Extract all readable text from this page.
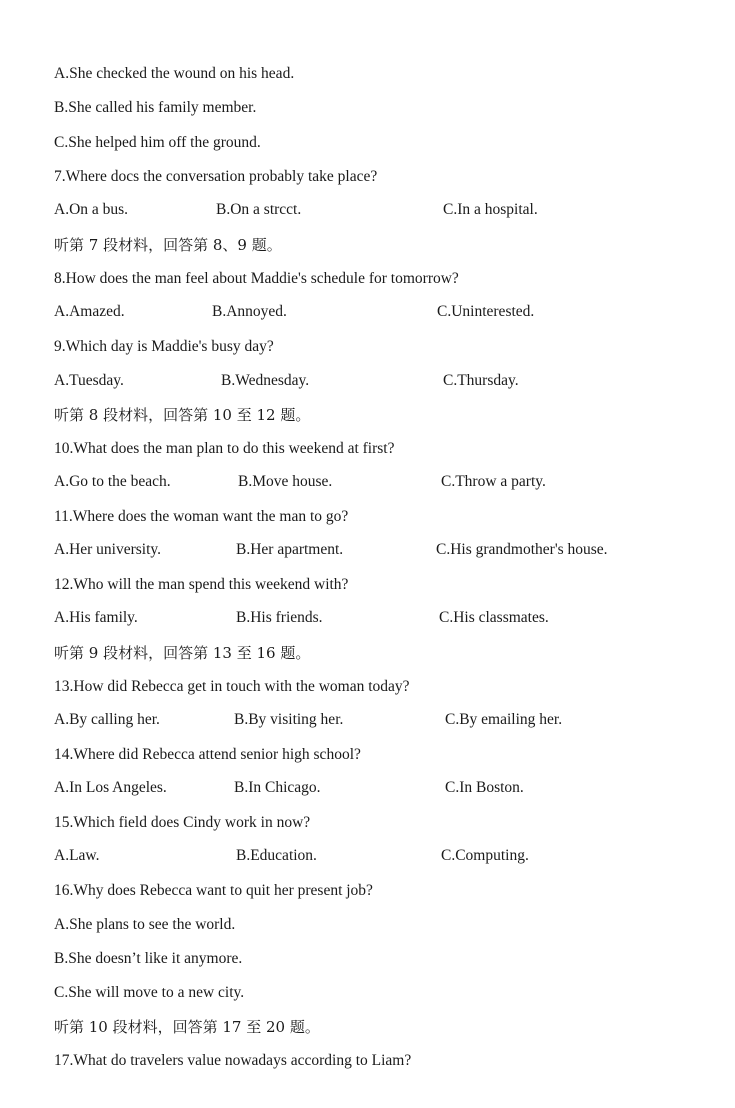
A.She checked the wound on his head.
B.She called his family member.
C.She helped him off the ground.
7.Where docs the conversation probably take place?
A.On a bus.	B.On a strcct.	C.In a hospital.
听第 7 段材料，回答第 8、9 题。
8.How does the man feel about Maddie's schedule for tomorrow?
A.Amazed.	B.Annoyed.	C.Uninterested.
9.Which day is Maddie's busy day?
A.Tuesday.	B.Wednesday.	C.Thursday.
听第 8 段材料，回答第 10 至 12 题。
10.What does the man plan to do this weekend at first?
A.Go to the beach.	B.Move house.	C.Throw a party.
11.Where does the woman want the man to go?
A.Her university.	B.Her apartment.	C.His grandmother's house.
12.Who will the man spend this weekend with?
A.His family.	B.His friends.	C.His classmates.
听第 9 段材料，回答第 13 至 16 题。
13.How did Rebecca get in touch with the woman today?
A.By calling her.	B.By visiting her.	C.By emailing her.
14.Where did Rebecca attend senior high school?
A.In Los Angeles.	B.In Chicago.	C.In Boston.
15.Which field does Cindy work in now?
A.Law.	B.Education.	C.Computing.
16.Why does Rebecca want to quit her present job?
A.She plans to see the world.
B.She doesn’t like it anymore.
C.She will move to a new city.
听第 10 段材料，回答第 17 至 20 题。
17.What do travelers value nowadays according to Liam?
